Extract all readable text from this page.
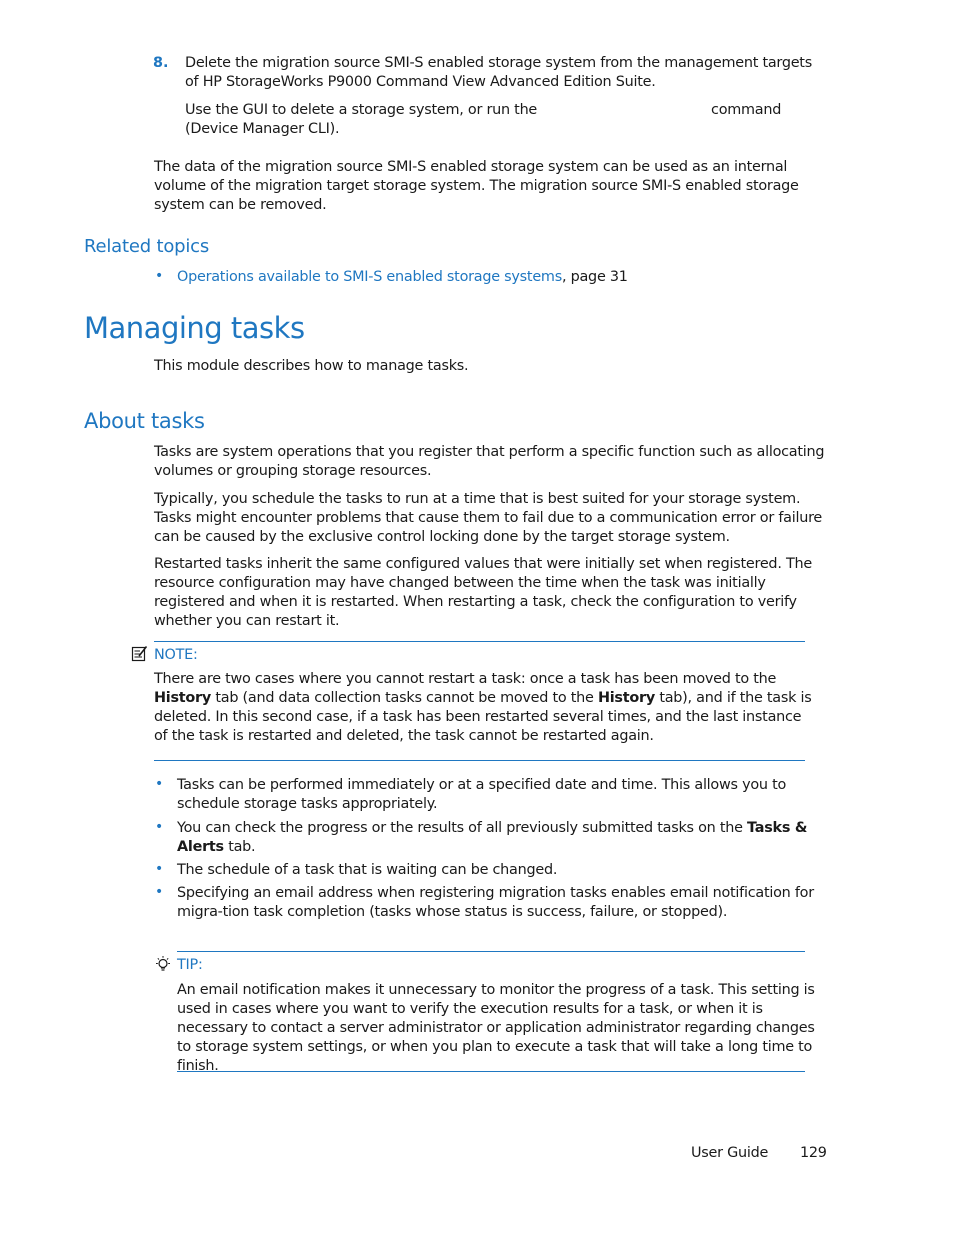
8. Delete the migration source SMI-S enabled storage system from the management targets of HP StorageWorks P9000 Command View Advanced Edition Suite.

Use the GUI to delete a storage system, or run the	command (Device Manager CLI).

The data of the migration source SMI-S enabled storage system can be used as an internal volume of the migration target storage system. The migration source SMI-S enabled storage system can be removed.

Related topics
• Operations available to SMI-S enabled storage systems, page 31

Managing tasks

This module describes how to manage tasks.

About tasks

Tasks are system operations that you register that perform a specific function such as allocating volumes or grouping storage resources.

Typically, you schedule the tasks to run at a time that is best suited for your storage system. Tasks might encounter problems that cause them to fail due to a communication error or failure can be caused by the exclusive control locking done by the target storage system.

Restarted tasks inherit the same configured values that were initially set when registered. The resource configuration may have changed between the time when the task was initially registered and when it is restarted. When restarting a task, check the configuration to verify whether you can restart it.

NOTE:

There are two cases where you cannot restart a task: once a task has been moved to the History tab (and data collection tasks cannot be moved to the History tab), and if the task is deleted. In this second case, if a task has been restarted several times, and the last instance of the task is restarted and deleted, the task cannot be restarted again.

• Tasks can be performed immediately or at a specified date and time. This allows you to schedule storage tasks appropriately.

• You can check the progress or the results of all previously submitted tasks on the Tasks & Alerts tab.

• The schedule of a task that is waiting can be changed.

• Specifying an email address when registering migration tasks enables email notification for migra-tion task completion (tasks whose status is success, failure, or stopped).

TIP:

An email notification makes it unnecessary to monitor the progress of a task. This setting is used in cases where you want to verify the execution results for a task, or when it is necessary to contact a server administrator or application administrator regarding changes to storage system settings, or when you plan to execute a task that will take a long time to finish.

User Guide 129
